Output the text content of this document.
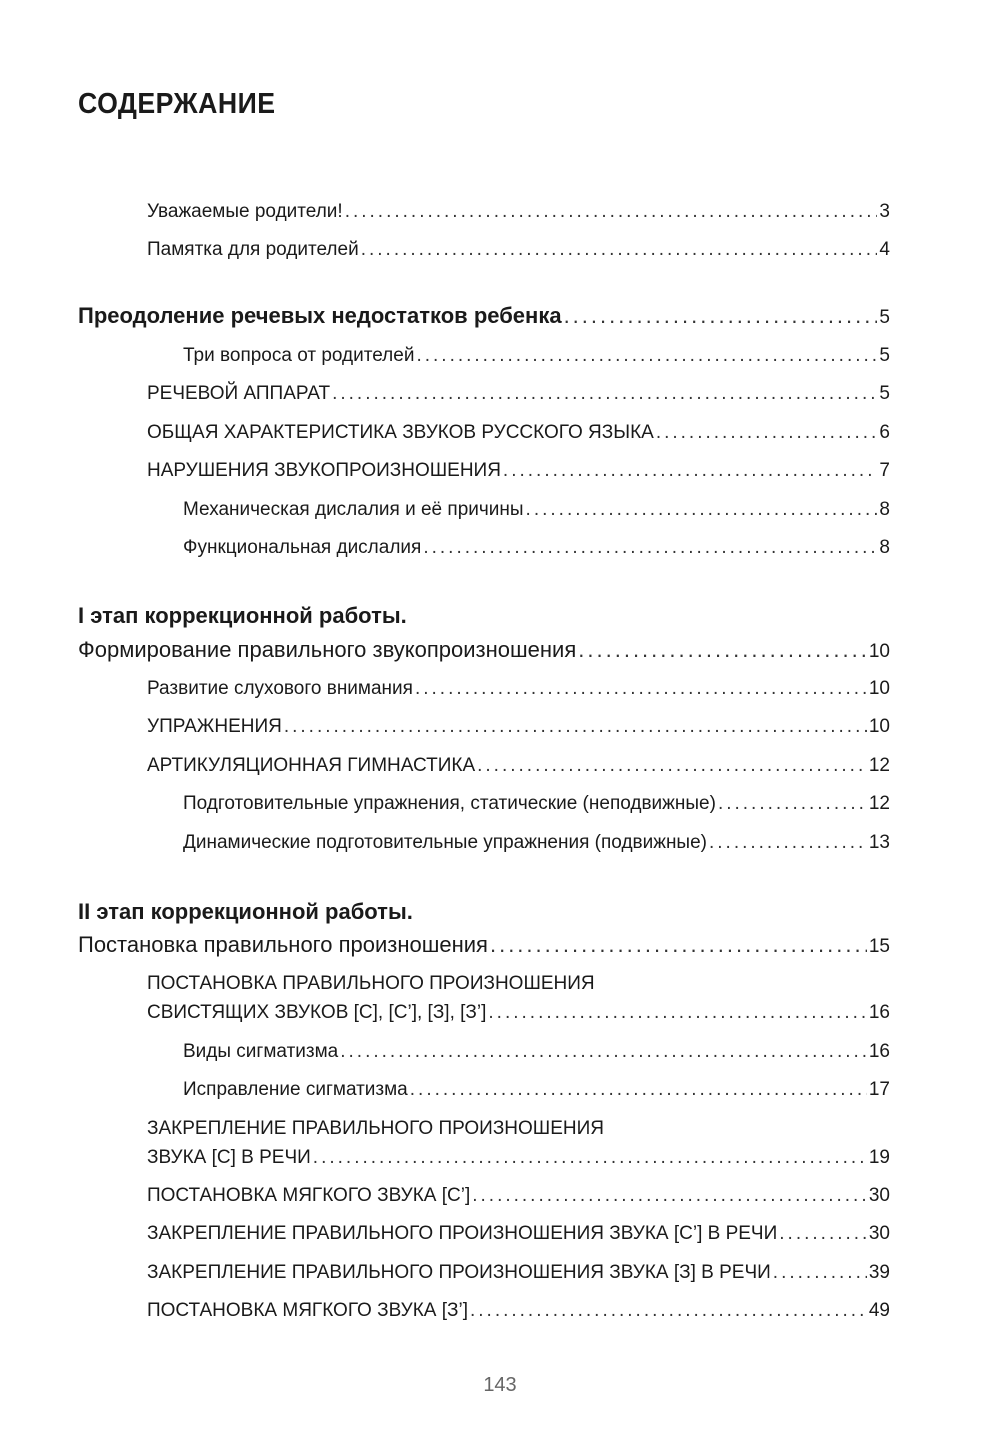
СОДЕРЖАНИЕ
Уважаемые родители! .....	3
Памятка для родителей .....	4
Преодоление речевых недостатков ребенка .....	5
Три вопроса от родителей .....	5
РЕЧЕВОЙ АППАРАТ .....	5
ОБЩАЯ ХАРАКТЕРИСТИКА ЗВУКОВ РУССКОГО ЯЗЫКА .....	6
НАРУШЕНИЯ ЗВУКОПРОИЗНОШЕНИЯ .....	7
Механическая дислалия и её причины .....	8
Функциональная дислалия .....	8
I этап коррекционной работы.
Формирование правильного звукопроизношения .....	10
Развитие слухового внимания .....	10
УПРАЖНЕНИЯ .....	10
АРТИКУЛЯЦИОННАЯ ГИМНАСТИКА .....	12
Подготовительные упражнения, статические (неподвижные) .....	12
Динамические подготовительные упражнения (подвижные) .....	13
II этап коррекционной работы.
Постановка правильного произношения .....	15
ПОСТАНОВКА ПРАВИЛЬНОГО ПРОИЗНОШЕНИЯ
СВИСТЯЩИХ ЗВУКОВ [С], [С’], [З], [З’] .....	16
Виды сигматизма .....	16
Исправление сигматизма .....	17
ЗАКРЕПЛЕНИЕ ПРАВИЛЬНОГО ПРОИЗНОШЕНИЯ
ЗВУКА [С] В РЕЧИ .....	19
ПОСТАНОВКА МЯГКОГО ЗВУКА [С’] .....	30
ЗАКРЕПЛЕНИЕ ПРАВИЛЬНОГО ПРОИЗНОШЕНИЯ ЗВУКА [С’] В РЕЧИ .....	30
ЗАКРЕПЛЕНИЕ ПРАВИЛЬНОГО ПРОИЗНОШЕНИЯ ЗВУКА [З] В РЕЧИ .....	39
ПОСТАНОВКА МЯГКОГО ЗВУКА [З’] .....	49
143
